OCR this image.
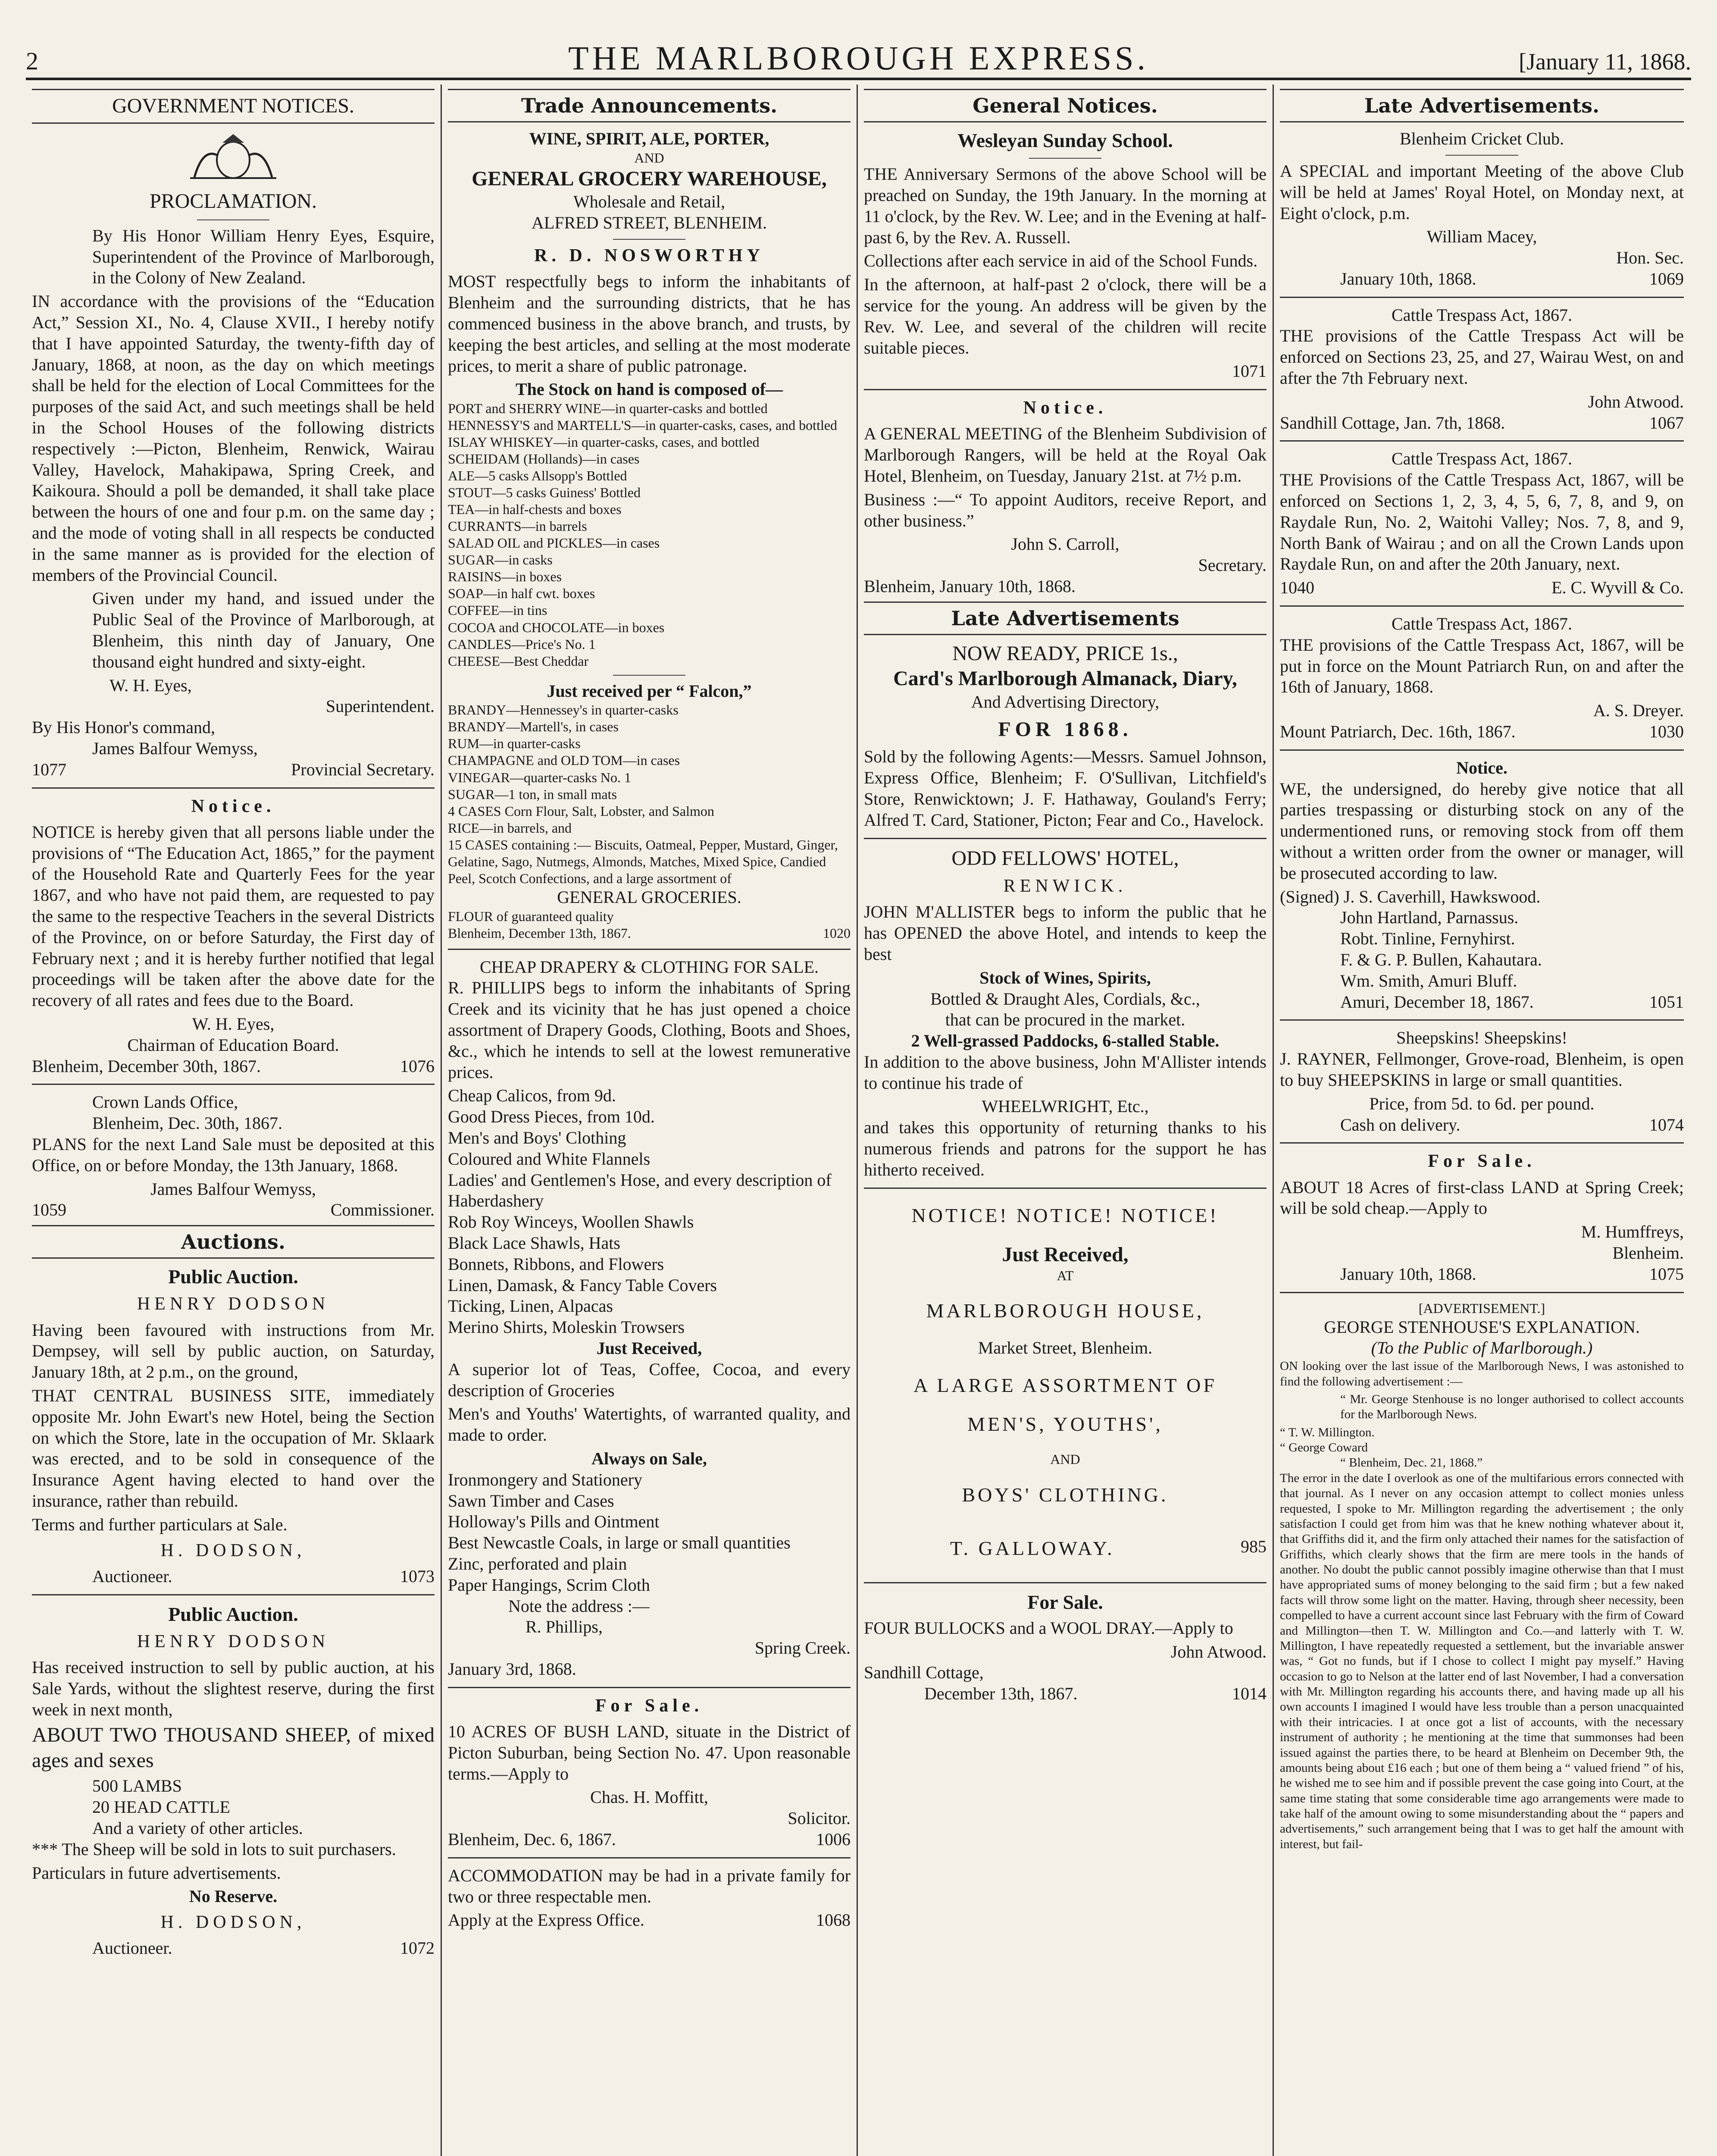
2	THE MARLBOROUGH EXPRESS.	[January 11, 1868.
GOVERNMENT NOTICES.
PROCLAMATION.

By His Honor William Henry Eyes, Esquire, Superintendent of the Province of Marlborough, in the Colony of New Zealand.

IN accordance with the provisions of the “Education Act,” Session XI., No. 4, Clause XVII., I hereby notify that I have appointed Saturday, the twenty-fifth day of January, 1868, at noon, as the day on which meetings shall be held for the election of Local Committees for the purposes of the said Act, and such meetings shall be held in the School Houses of the following districts respectively :—Picton, Blenheim, Renwick, Wairau Valley, Havelock, Mahakipawa, Spring Creek, and Kaikoura. Should a poll be demanded, it shall take place between the hours of one and four p.m. on the same day ; and the mode of voting shall in all respects be conducted in the same manner as is provided for the election of members of the Provincial Council.

Given under my hand, and issued under the Public Seal of the Province of Marlborough, at Blenheim, this ninth day of January, One thousand eight hundred and sixty-eight.

W. H. Eyes,
Superintendent.
By His Honor's command,
James Balfour Wemyss,
1077	Provincial Secretary.
Notice.

NOTICE is hereby given that all persons liable under the provisions of “The Education Act, 1865,” for the payment of the Household Rate and Quarterly Fees for the year 1867, and who have not paid them, are requested to pay the same to the respective Teachers in the several Districts of the Province, on or before Saturday, the First day of February next ; and it is hereby further notified that legal proceedings will be taken after the above date for the recovery of all rates and fees due to the Board.

W. H. Eyes,
Chairman of Education Board.
Blenheim, December 30th, 1867.	1076
Crown Lands Office,
Blenheim, Dec. 30th, 1867.

PLANS for the next Land Sale must be deposited at this Office, on or before Monday, the 13th January, 1868.

James Balfour Wemyss,
1059	Commissioner.
Auctions.
Public Auction.
HENRY DODSON

Having been favoured with instructions from Mr. Dempsey, will sell by public auction, on Saturday, January 18th, at 2 p.m., on the ground,

THAT CENTRAL BUSINESS SITE, immediately opposite Mr. John Ewart's new Hotel, being the Section on which the Store, late in the occupation of Mr. Sklaark was erected, and to be sold in consequence of the Insurance Agent having elected to hand over the insurance, rather than rebuild.

Terms and further particulars at Sale.

H. DODSON,
Auctioneer.	1073
Public Auction.
HENRY DODSON

Has received instruction to sell by public auction, at his Sale Yards, without the slightest reserve, during the first week in next month,

ABOUT TWO THOUSAND SHEEP, of mixed ages and sexes

500 LAMBS
20 HEAD CATTLE
And a variety of other articles.

*** The Sheep will be sold in lots to suit purchasers.

Particulars in future advertisements.

No Reserve.
H. DODSON,
Auctioneer.	1072
Trade Announcements.
WINE, SPIRIT, ALE, PORTER,
AND
GENERAL GROCERY WAREHOUSE,
Wholesale and Retail,
ALFRED STREET, BLENHEIM.
R. D. NOSWORTHY

MOST respectfully begs to inform the inhabitants of Blenheim and the surrounding districts, that he has commenced business in the above branch, and trusts, by keeping the best articles, and selling at the most moderate prices, to merit a share of public patronage.

The Stock on hand is composed of—
PORT and SHERRY WINE—in quarter-casks and bottled
HENNESSY'S and MARTELL'S—in quarter-casks, cases, and bottled
ISLAY WHISKEY—in quarter-casks, cases, and bottled
SCHEIDAM (Hollands)—in cases
ALE—5 casks Allsopp's Bottled
STOUT—5 casks Guiness' Bottled
TEA—in half-chests and boxes
CURRANTS—in barrels
SALAD OIL and PICKLES—in cases
SUGAR—in casks
RAISINS—in boxes
SOAP—in half cwt. boxes
COFFEE—in tins
COCOA and CHOCOLATE—in boxes
CANDLES—Price's No. 1
CHEESE—Best Cheddar
Just received per “ Falcon,”
BRANDY—Hennessey's in quarter-casks
BRANDY—Martell's, in cases
RUM—in quarter-casks
CHAMPAGNE and OLD TOM—in cases
VINEGAR—quarter-casks No. 1
SUGAR—1 ton, in small mats
4 CASES Corn Flour, Salt, Lobster, and Salmon
RICE—in barrels, and
15 CASES containing :— Biscuits, Oatmeal, Pepper, Mustard, Ginger, Gelatine, Sago, Nutmegs, Almonds, Matches, Mixed Spice, Candied Peel, Scotch Confections, and a large assortment of
GENERAL GROCERIES.
FLOUR of guaranteed quality
Blenheim, December 13th, 1867.	1020
CHEAP DRAPERY & CLOTHING FOR SALE.

R. PHILLIPS begs to inform the inhabitants of Spring Creek and its vicinity that he has just opened a choice assortment of Drapery Goods, Clothing, Boots and Shoes, &c., which he intends to sell at the lowest remunerative prices.

Cheap Calicos, from 9d.
Good Dress Pieces, from 10d.
Men's and Boys' Clothing
Coloured and White Flannels
Ladies' and Gentlemen's Hose, and every description of Haberdashery
Rob Roy Winceys, Woollen Shawls
Black Lace Shawls, Hats
Bonnets, Ribbons, and Flowers
Linen, Damask, & Fancy Table Covers
Ticking, Linen, Alpacas
Merino Shirts, Moleskin Trowsers
Just Received,

A superior lot of Teas, Coffee, Cocoa, and every description of Groceries

Men's and Youths' Watertights, of warranted quality, and made to order.

Always on Sale,
Ironmongery and Stationery
Sawn Timber and Cases
Holloway's Pills and Ointment
Best Newcastle Coals, in large or small quantities
Zinc, perforated and plain
Paper Hangings, Scrim Cloth
Note the address :—
R. Phillips,
Spring Creek.
January 3rd, 1868.
For Sale.

10 ACRES OF BUSH LAND, situate in the District of Picton Suburban, being Section No. 47. Upon reasonable terms.—Apply to

Chas. H. Moffitt,
Solicitor.
Blenheim, Dec. 6, 1867.	1006

ACCOMMODATION may be had in a private family for two or three respectable men.

Apply at the Express Office.	1068
General Notices.
Wesleyan Sunday School.

THE Anniversary Sermons of the above School will be preached on Sunday, the 19th January. In the morning at 11 o'clock, by the Rev. W. Lee; and in the Evening at half-past 6, by the Rev. A. Russell.

Collections after each service in aid of the School Funds.

In the afternoon, at half-past 2 o'clock, there will be a service for the young. An address will be given by the Rev. W. Lee, and several of the children will recite suitable pieces.

1071
Notice.

A GENERAL MEETING of the Blenheim Subdivision of Marlborough Rangers, will be held at the Royal Oak Hotel, Blenheim, on Tuesday, January 21st. at 7½ p.m.

Business :—“ To appoint Auditors, receive Report, and other business.”

John S. Carroll,
Secretary.
Blenheim, January 10th, 1868.
Late Advertisements
NOW READY, PRICE 1s.,
Card's Marlborough Almanack, Diary,
And Advertising Directory,
FOR 1868.

Sold by the following Agents:—Messrs. Samuel Johnson, Express Office, Blenheim; F. O'Sullivan, Litchfield's Store, Renwicktown; J. F. Hathaway, Gouland's Ferry; Alfred T. Card, Stationer, Picton; Fear and Co., Havelock.

ODD FELLOWS' HOTEL,
RENWICK.

JOHN M'ALLISTER begs to inform the public that he has OPENED the above Hotel, and intends to keep the best

Stock of Wines, Spirits,
Bottled & Draught Ales, Cordials, &c.,
that can be procured in the market.
2 Well-grassed Paddocks, 6-stalled Stable.

In addition to the above business, John M'Allister intends to continue his trade of

WHEELWRIGHT, Etc.,

and takes this opportunity of returning thanks to his numerous friends and patrons for the support he has hitherto received.

NOTICE! NOTICE! NOTICE!
Just Received,
AT
MARLBOROUGH HOUSE,
Market Street, Blenheim.
A LARGE ASSORTMENT OF
MEN'S, YOUTHS',
AND
BOYS' CLOTHING.
T. GALLOWAY.	985
For Sale.

FOUR BULLOCKS and a WOOL DRAY.—Apply to

John Atwood.
Sandhill Cottage,
December 13th, 1867.	1014
Late Advertisements.
Blenheim Cricket Club.

A SPECIAL and important Meeting of the above Club will be held at James' Royal Hotel, on Monday next, at Eight o'clock, p.m.

William Macey,
Hon. Sec.
January 10th, 1868.	1069
Cattle Trespass Act, 1867.

THE provisions of the Cattle Trespass Act will be enforced on Sections 23, 25, and 27, Wairau West, on and after the 7th February next.

John Atwood.
Sandhill Cottage, Jan. 7th, 1868.	1067
Cattle Trespass Act, 1867.

THE Provisions of the Cattle Trespass Act, 1867, will be enforced on Sections 1, 2, 3, 4, 5, 6, 7, 8, and 9, on Raydale Run, No. 2, Waitohi Valley; Nos. 7, 8, and 9, North Bank of Wairau ; and on all the Crown Lands upon Raydale Run, on and after the 20th January, next.

1040	E. C. Wyvill & Co.
Cattle Trespass Act, 1867.

THE provisions of the Cattle Trespass Act, 1867, will be put in force on the Mount Patriarch Run, on and after the 16th of January, 1868.

A. S. Dreyer.
Mount Patriarch, Dec. 16th, 1867.	1030
Notice.

WE, the undersigned, do hereby give notice that all parties trespassing or disturbing stock on any of the undermentioned runs, or removing stock from off them without a written order from the owner or manager, will be prosecuted according to law.

(Signed) J. S. Caverhill, Hawkswood.
John Hartland, Parnassus.
Robt. Tinline, Fernyhirst.
F. & G. P. Bullen, Kahautara.
Wm. Smith, Amuri Bluff.
Amuri, December 18, 1867.	1051
Sheepskins! Sheepskins!

J. RAYNER, Fellmonger, Grove-road, Blenheim, is open to buy SHEEPSKINS in large or small quantities.

Price, from 5d. to 6d. per pound.
Cash on delivery.	1074
For Sale.

ABOUT 18 Acres of first-class LAND at Spring Creek; will be sold cheap.—Apply to

M. Humffreys,
Blenheim.
January 10th, 1868.	1075
[ADVERTISEMENT.]
GEORGE STENHOUSE'S EXPLANATION.
(To the Public of Marlborough.)

ON looking over the last issue of the Marlborough News, I was astonished to find the following advertisement :—

“ Mr. George Stenhouse is no longer authorised to collect accounts for the Marlborough News.

“ T. W. Millington.
“ George Coward
“ Blenheim, Dec. 21, 1868.”

The error in the date I overlook as one of the multifarious errors connected with that journal. As I never on any occasion attempt to collect monies unless requested, I spoke to Mr. Millington regarding the advertisement ; the only satisfaction I could get from him was that he knew nothing whatever about it, that Griffiths did it, and the firm only attached their names for the satisfaction of Griffiths, which clearly shows that the firm are mere tools in the hands of another. No doubt the public cannot possibly imagine otherwise than that I must have appropriated sums of money belonging to the said firm ; but a few naked facts will throw some light on the matter. Having, through sheer necessity, been compelled to have a current account since last February with the firm of Coward and Millington—then T. W. Millington and Co.—and latterly with T. W. Millington, I have repeatedly requested a settlement, but the invariable answer was, “ Got no funds, but if I chose to collect I might pay myself.” Having occasion to go to Nelson at the latter end of last November, I had a conversation with Mr. Millington regarding his accounts there, and having made up all his own accounts I imagined I would have less trouble than a person unacquainted with their intricacies. I at once got a list of accounts, with the necessary instrument of authority ; he mentioning at the time that summonses had been issued against the parties there, to be heard at Blenheim on December 9th, the amounts being about £16 each ; but one of them being a “ valued friend ” of his, he wished me to see him and if possible prevent the case going into Court, at the same time stating that some considerable time ago arrangements were made to take half of the amount owing to some misunderstanding about the “ papers and advertisements,” such arrangement being that I was to get half the amount with interest, but fail-
